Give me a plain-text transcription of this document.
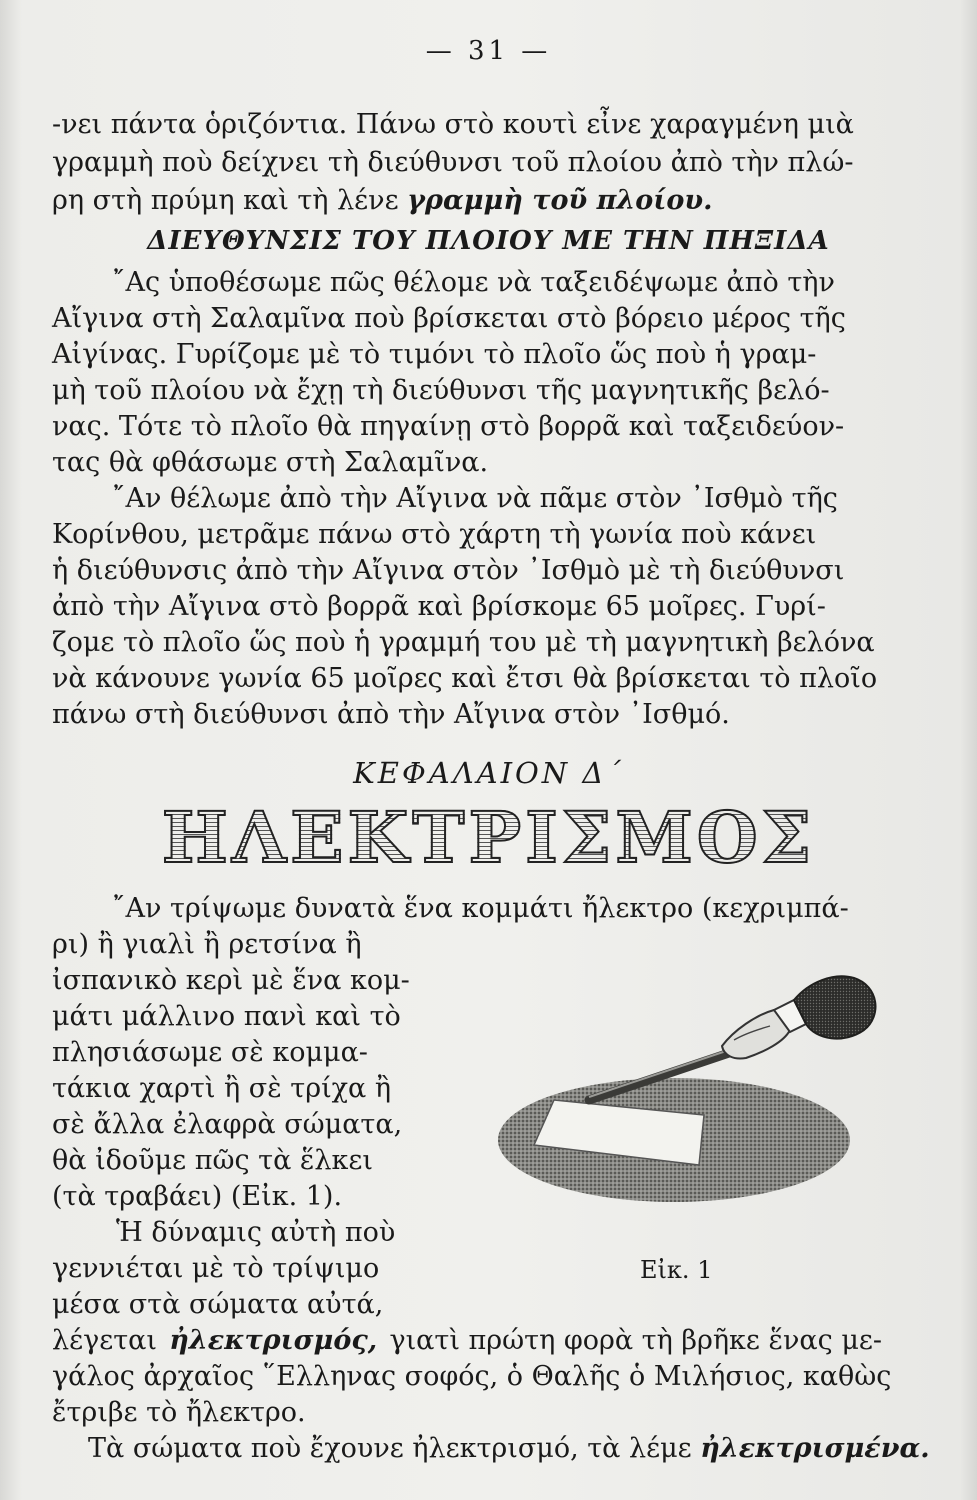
— 31 —
-νει πάντα ὁριζόντια. Πάνω στὸ κουτὶ εἶνε χαραγμένη μιὰ
γραμμὴ ποὺ δείχνει τὴ διεύθυνσι τοῦ πλοίου ἀπὸ τὴν πλώ-
ρη στὴ πρύμη καὶ τὴ λένε
γραμμὴ τοῦ πλοίου.
ΔΙΕΥΘΥΝΣΙΣ ΤΟΥ ΠΛΟΙΟΥ ΜΕ ΤΗΝ ΠΗΞΙΔΑ
῎Ας ὑποθέσωμε πῶς θέλομε νὰ ταξειδέψωμε ἀπὸ τὴν
Αἴγινα στὴ Σαλαμῖνα ποὺ βρίσκεται στὸ βόρειο μέρος τῆς
Αἰγίνας. Γυρίζομε μὲ τὸ τιμόνι τὸ πλοῖο ὥς ποὺ ἡ γραμ-
μὴ τοῦ πλοίου νὰ ἔχῃ τὴ διεύθυνσι τῆς μαγνητικῆς βελό-
νας. Τότε τὸ πλοῖο θὰ πηγαίνῃ στὸ βορρᾶ καὶ ταξειδεύον-
τας θὰ φθάσωμε στὴ Σαλαμῖνα.
῎Αν θέλωμε ἀπὸ τὴν Αἴγινα νὰ πᾶμε στὸν ᾿Ισθμὸ τῆς
Κορίνθου, μετρᾶμε πάνω στὸ χάρτη τὴ γωνία ποὺ κάνει
ἡ διεύθυνσις ἀπὸ τὴν Αἴγινα στὸν ᾿Ισθμὸ μὲ τὴ διεύθυνσι
ἀπὸ τὴν Αἴγινα στὸ βορρᾶ καὶ βρίσκομε 65 μοῖρες. Γυρί-
ζομε τὸ πλοῖο ὥς ποὺ ἡ γραμμή του μὲ τὴ μαγνητικὴ βελόνα
νὰ κάνουνε γωνία 65 μοῖρες καὶ ἔτσι θὰ βρίσκεται τὸ πλοῖο
πάνω στὴ διεύθυνσι ἀπὸ τὴν Αἴγινα στὸν ᾿Ισθμό.
ΚΕΦΑΛΑΙΟΝ Δ΄
ΗΛΕΚΤΡΙΣΜΟΣ
῎Αν τρίψωμε δυνατὰ ἕνα κομμάτι ἤλεκτρο (κεχριμπά-
ρι) ἢ γιαλὶ ἢ ρετσίνα ἢ
ἰσπανικὸ κερὶ μὲ ἕνα κομ-
μάτι μάλλινο πανὶ καὶ τὸ
πλησιάσωμε σὲ κομμα-
τάκια χαρτὶ ἢ σὲ τρίχα ἢ
σὲ ἄλλα ἐλαφρὰ σώματα,
θὰ ἰδοῦμε πῶς τὰ ἕλκει
(τὰ τραβάει) (Εἰκ. 1).
Ἡ δύναμις αὐτὴ ποὺ
γεννιέται μὲ τὸ τρίψιμο
μέσα στὰ σώματα αὐτά,
λέγεται ἠλεκτρισμός, γιατὶ πρώτη φορὰ τὴ βρῆκε ἕνας με-
γάλος ἀρχαῖος ῞Ελληνας σοφός, ὁ Θαλῆς ὁ Μιλήσιος, καθὼς
ἔτριβε τὸ ἤλεκτρο.
Τὰ σώματα ποὺ ἔχουνε ἠλεκτρισμό, τὰ λέμε
ἠλεκτρισμένα.
Εἰκ. 1
